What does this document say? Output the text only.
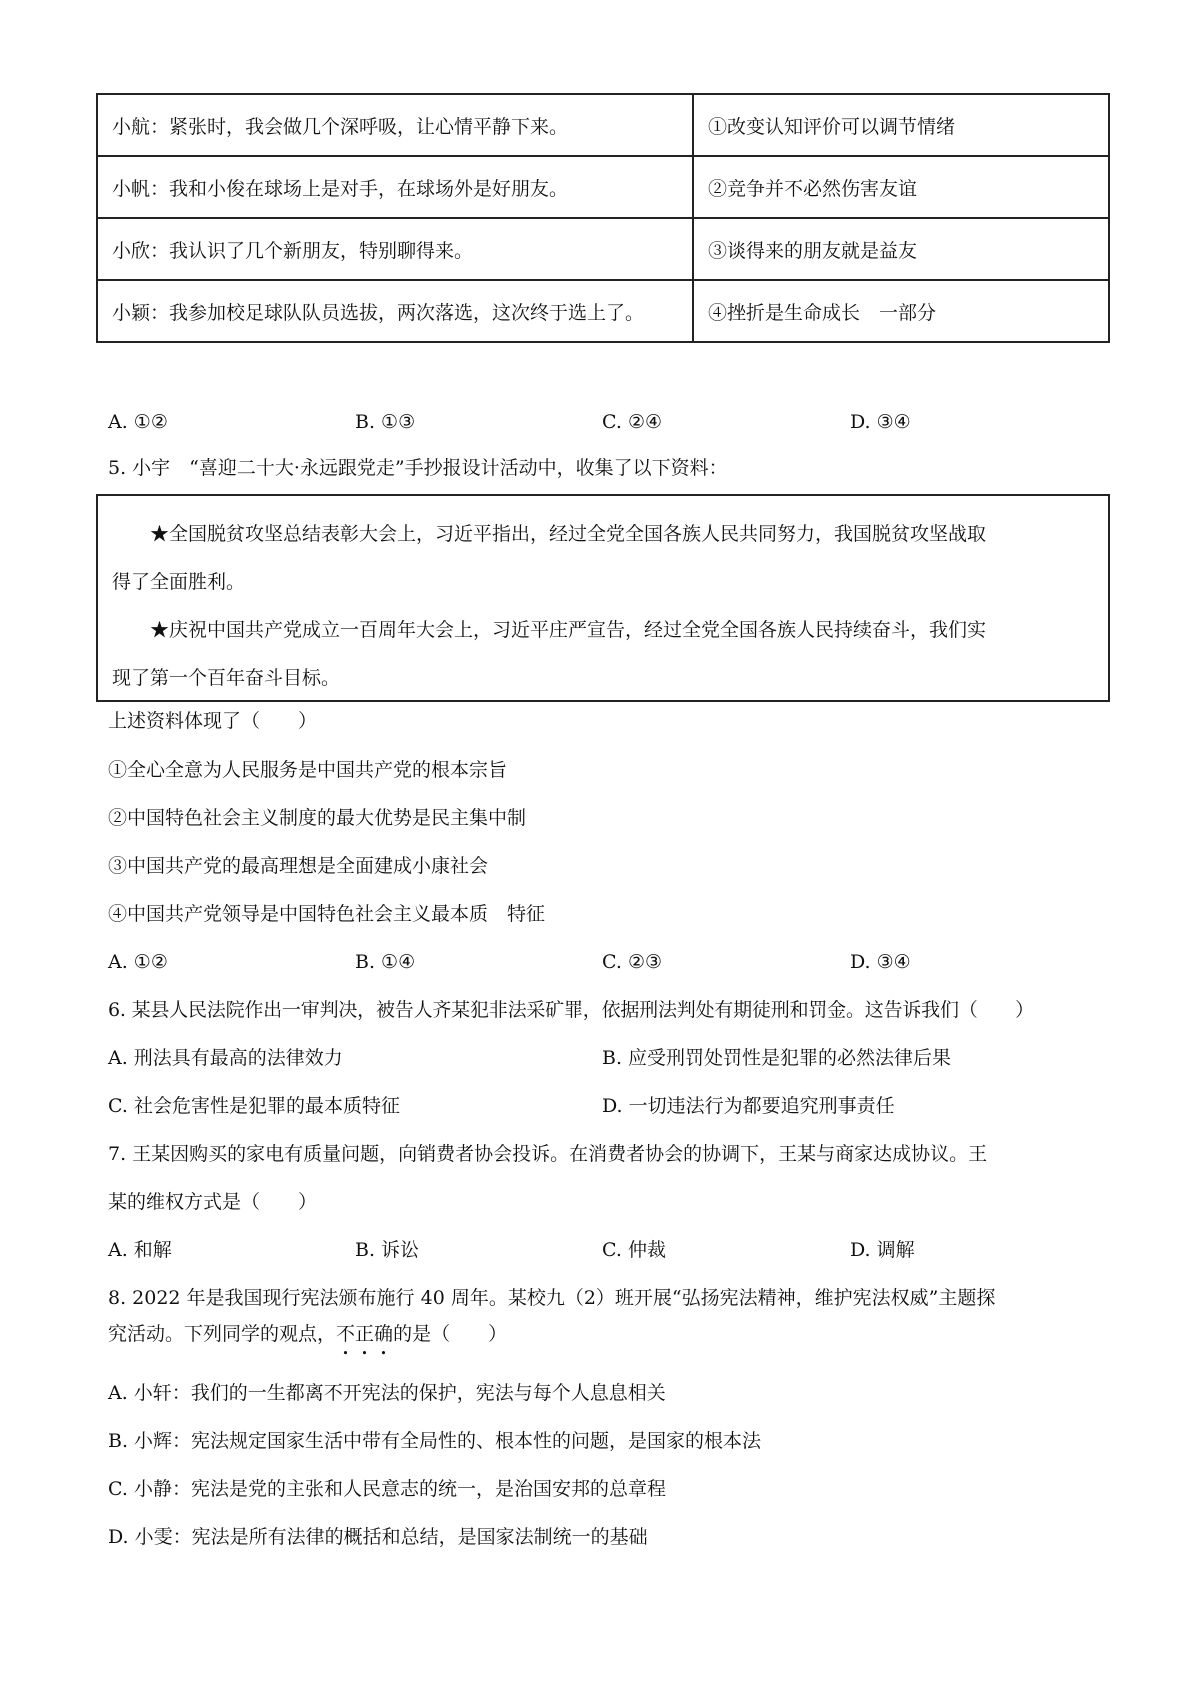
小航：紧张时，我会做几个深呼吸，让心情平静下来。	①改变认知评价可以调节情绪
小帆：我和小俊在球场上是对手，在球场外是好朋友。	②竞争并不必然伤害友谊
小欣：我认识了几个新朋友，特别聊得来。	③谈得来的朋友就是益友
小颖：我参加校足球队队员选拔，两次落选，这次终于选上了。	④挫折是生命成长　一部分
A. ①②	B. ①③	C. ②④	D. ③④
5. 小宇　“喜迎二十大·永远跟党走”手抄报设计活动中，收集了以下资料：

★全国脱贫攻坚总结表彰大会上，习近平指出，经过全党全国各族人民共同努力，我国脱贫攻坚战取

得了全面胜利。

★庆祝中国共产党成立一百周年大会上，习近平庄严宣告，经过全党全国各族人民持续奋斗，我们实

现了第一个百年奋斗目标。

上述资料体现了（　　）
①全心全意为人民服务是中国共产党的根本宗旨
②中国特色社会主义制度的最大优势是民主集中制
③中国共产党的最高理想是全面建成小康社会
④中国共产党领导是中国特色社会主义最本质　特征
A. ①②	B. ①④	C. ②③	D. ③④
6. 某县人民法院作出一审判决，被告人齐某犯非法采矿罪，依据刑法判处有期徒刑和罚金。这告诉我们（　　）
A. 刑法具有最高的法律效力	B. 应受刑罚处罚性是犯罪的必然法律后果
C. 社会危害性是犯罪的最本质特征	D. 一切违法行为都要追究刑事责任
7. 王某因购买的家电有质量问题，向销费者协会投诉。在消费者协会的协调下，王某与商家达成协议。王
某的维权方式是（　　）
A. 和解	B. 诉讼	C. 仲裁	D. 调解
8. 2022 年是我国现行宪法颁布施行 40 周年。某校九（2）班开展“弘扬宪法精神，维护宪法权威”主题探
究活动。下列同学的观点，不正确的是（　　）
A. 小轩：我们的一生都离不开宪法的保护，宪法与每个人息息相关
B. 小辉：宪法规定国家生活中带有全局性的、根本性的问题，是国家的根本法
C. 小静：宪法是党的主张和人民意志的统一，是治国安邦的总章程
D. 小雯：宪法是所有法律的概括和总结，是国家法制统一的基础
